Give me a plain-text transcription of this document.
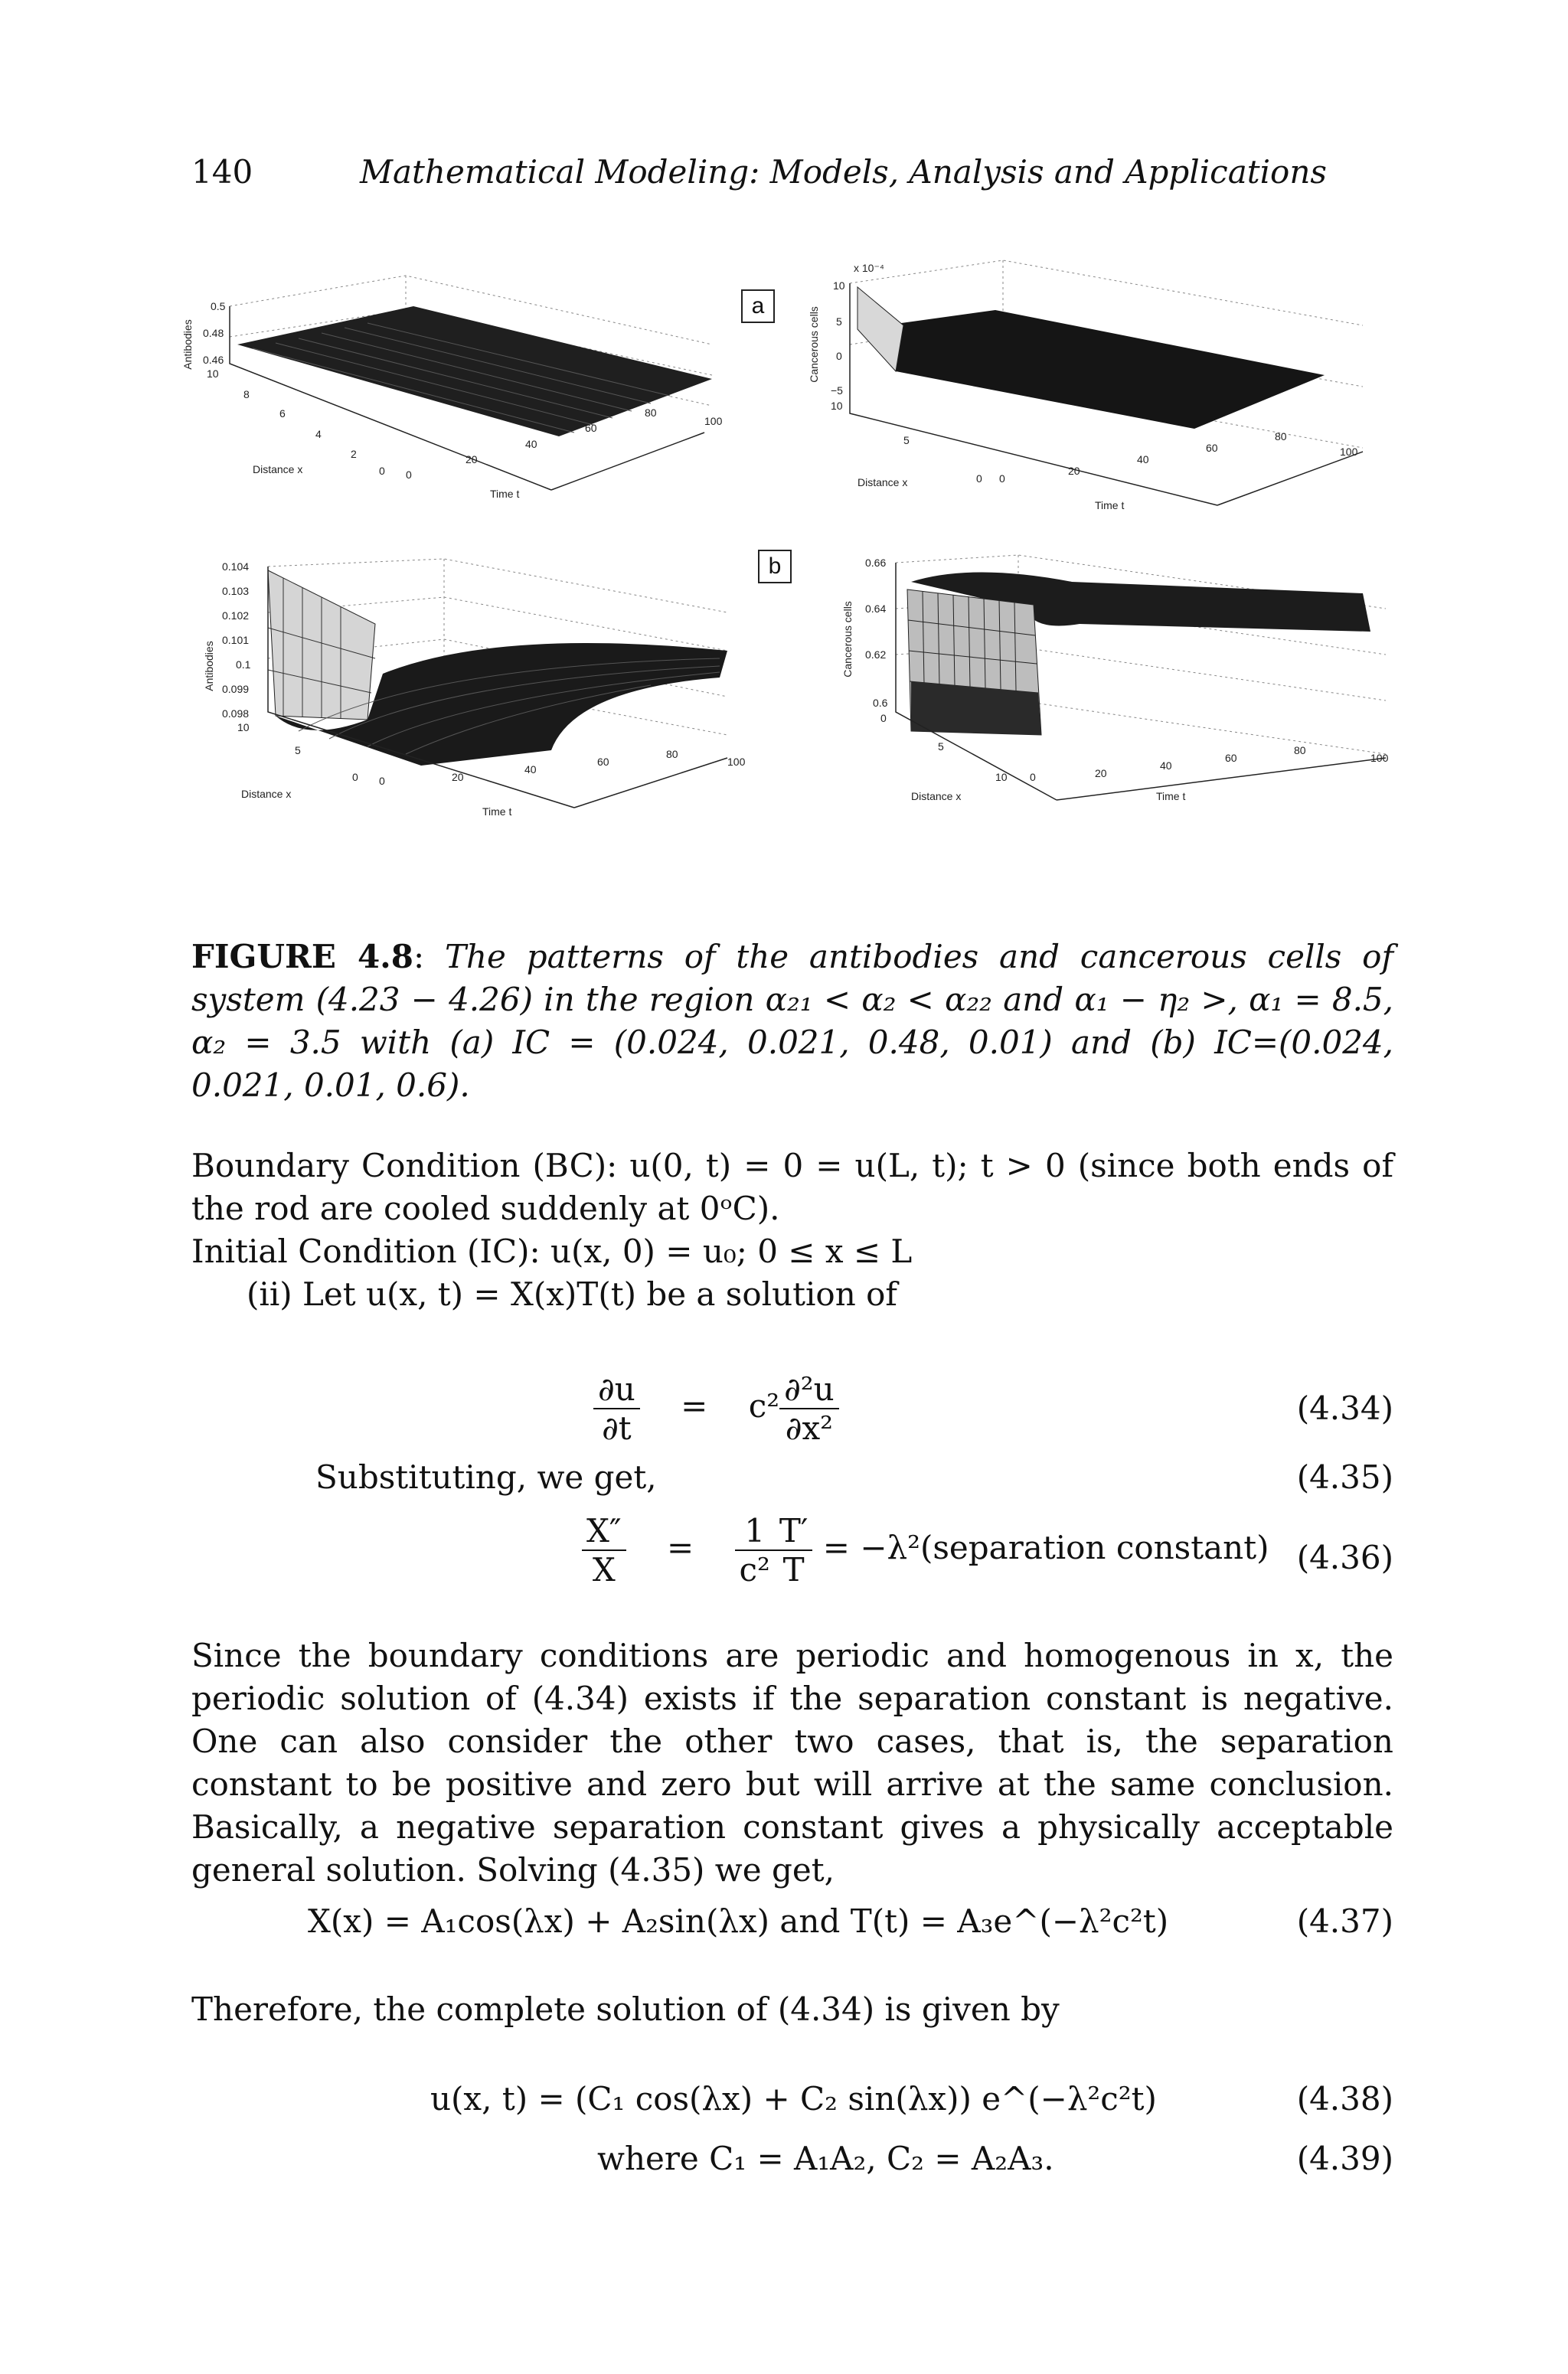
140	Mathematical Modeling: Models, Analysis and Applications
0.5
0.48
0.46
Antibodies
10
8
6
4
2
0
Distance x	0
20
40
60
80
100
Time t
a
x 10⁻⁴
10
5
0
−5
Cancerous cells
10
5
0
Distance x	0
20
40
60
80
100
Time t
0.104
0.103
0.102
0.101
0.1
0.099
0.098
Antibodies
10
5
0
Distance x
0	20
40
60
80
100
Time t
b	0.66
0.64
0.62
0.6
Cancerous cells
0
5
10
Distance x
0	20
40
60
80
100
Time t
FIGURE 4.8: The patterns of the antibodies and cancerous cells of system (4.23 − 4.26) in the region α₂₁ < α₂ < α₂₂ and α₁ − η₂ >, α₁ = 8.5, α₂ = 3.5 with (a) IC = (0.024, 0.021, 0.48, 0.01) and (b) IC=(0.024, 0.021, 0.01, 0.6).
Boundary Condition (BC): u(0, t) = 0 = u(L, t); t > 0 (since both ends of the rod are cooled suddenly at 0ᵒC).
Initial Condition (IC): u(x, 0) = u₀; 0 ≤ x ≤ L
(ii) Let u(x, t) = X(x)T(t) be a solution of
$\frac{\partial u}{\partial t} = c^2 \frac{\text{∂²u}}{\text{∂x²}}$	(4.34)
Substituting, we get,	(4.35)
$\frac{X''}{X} = \frac{1}{\text{c²}} \frac{T'}{T}$ = −λ²(separation constant) (4.36)
Since the boundary conditions are periodic and homogenous in x, the periodic solution of (4.34) exists if the separation constant is negative. One can also consider the other two cases, that is, the separation constant to be positive and zero but will arrive at the same conclusion. Basically, a negative separation constant gives a physically acceptable general solution. Solving (4.35) we get,
X(x) = A₁cos(λx) + A₂sin(λx) and T(t) = A₃e^(−λ²c²t)	(4.37)
Therefore, the complete solution of (4.34) is given by
u(x, t) = (C₁ cos(λx) + C₂ sin(λx)) e^(−λ²c²t)	(4.38)
where C₁ = A₁A₂, C₂ = A₂A₃.	(4.39)
